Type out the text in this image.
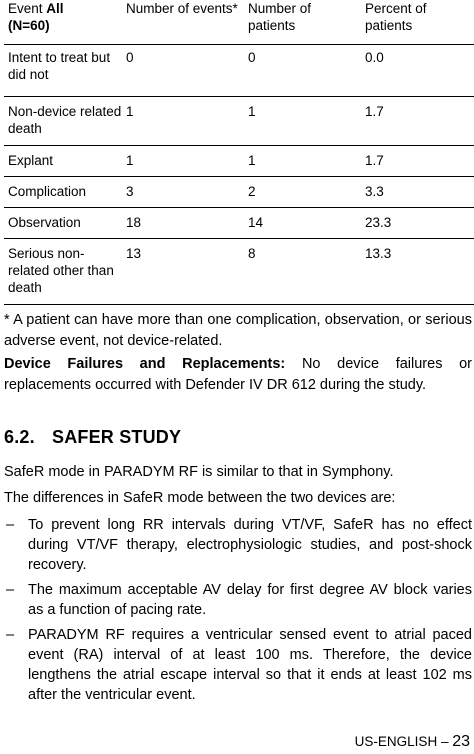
Event All
(N=60)	Number of events*	Number of patients	Percent of patients
Intent to treat but did not	0	0	0.0
Non-device related death	1	1	1.7
Explant	1	1	1.7
Complication	3	2	3.3
Observation	18	14	23.3
Serious non-related other than death	13	8	13.3

* A patient can have more than one complication, observation, or serious adverse event, not device-related.

Device Failures and Replacements: No device failures or replacements occurred with Defender IV DR 612 during the study.

6.2. SAFER STUDY

SafeR mode in PARADYM RF is similar to that in Symphony.

The differences in SafeR mode between the two devices are:

– To prevent long RR intervals during VT/VF, SafeR has no effect during VT/VF therapy, electrophysiologic studies, and post-shock recovery.
– The maximum acceptable AV delay for first degree AV block varies as a function of pacing rate.
– PARADYM RF requires a ventricular sensed event to atrial paced event (RA) interval of at least 100 ms. Therefore, the device lengthens the atrial escape interval so that it ends at least 102 ms after the ventricular event.
US-ENGLISH – 23
